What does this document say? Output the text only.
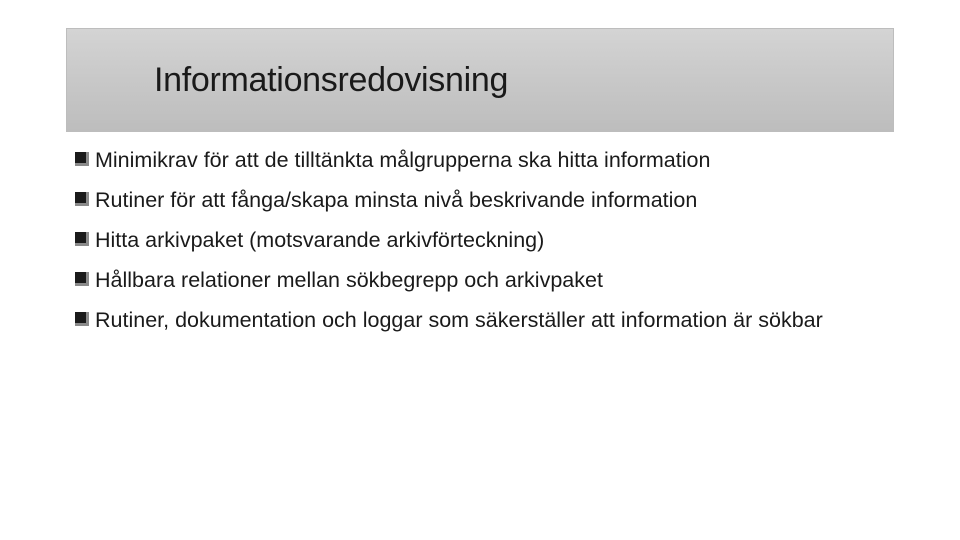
Informationsredovisning
Minimikrav för att de tilltänkta målgrupperna ska hitta information
Rutiner för att fånga/skapa minsta nivå beskrivande information
Hitta arkivpaket (motsvarande arkivförteckning)
Hållbara relationer mellan sökbegrepp och arkivpaket
Rutiner, dokumentation och loggar som säkerställer att information är sökbar
